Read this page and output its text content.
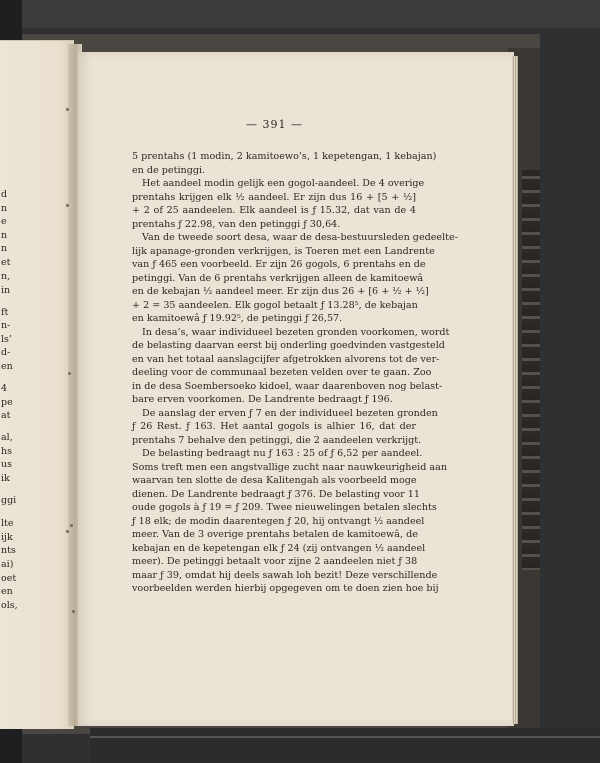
d
n
e
n
n
et
n,
in
ft
n-
ls’
d-
en
4
pe
at
al,
hs
us
ik
ggi
lte
ijk
nts
ai)
oet
en
ols,
— 391 —
5 prentahs (1 modin, 2 kamitoewo’s, 1 kepetengan, 1 kebajan)
en de petinggi.
Het aandeel modin gelijk een gogol-aandeel. De 4 overige
prentahs krijgen elk ½ aandeel. Er zijn dus 16 + [5 + ½]
+ 2 of 25 aandeelen. Elk aandeel is ƒ 15.32, dat van de 4
prentahs ƒ 22.98, van den petinggi ƒ 30,64.
Van de tweede soort desa, waar de desa-bestuursleden gedeelte-
lijk apanage-gronden verkrijgen, is Toeren met een Landrente
van ƒ 465 een voorbeeld. Er zijn 26 gogols, 6 prentahs en de
petinggi. Van de 6 prentahs verkrijgen alleen de kamitoewâ
en de kebajan ½ aandeel meer. Er zijn dus 26 + [6 + ½ + ½]
+ 2 = 35 aandeelen. Elk gogol betaalt ƒ 13.28⁵, de kebajan
en kamitoewâ ƒ 19.92⁵, de petinggi ƒ 26,57.
In desa’s, waar individueel bezeten gronden voorkomen, wordt
de belasting daarvan eerst bij onderling goedvinden vastgesteld
en van het totaal aanslagcijfer afgetrokken alvorens tot de ver-
deeling voor de communaal bezeten velden over te gaan. Zoo
in de desa Soembersoeko kidoel, waar daarenboven nog belast-
bare erven voorkomen. De Landrente bedraagt ƒ 196.
De aanslag der erven ƒ 7 en der individueel bezeten gronden
ƒ 26 Rest. ƒ 163. Het aantal gogols is alhier 16, dat der
prentahs 7 behalve den petinggi, die 2 aandeelen verkrijgt.
De belasting bedraagt nu ƒ 163 : 25 of ƒ 6,52 per aandeel.
Soms treft men een angstvallige zucht naar nauwkeurigheid aan
waarvan ten slotte de desa Kalitengah als voorbeeld moge
dienen. De Landrente bedraagt ƒ 376. De belasting voor 11
oude gogols à ƒ 19 = ƒ 209. Twee nieuwelingen betalen slechts
ƒ 18 elk; de modin daarentegen ƒ 20, hij ontvangt ½ aandeel
meer. Van de 3 overige prentahs betalen de kamitoewâ, de
kebajan en de kepetengan elk ƒ 24 (zij ontvangen ½ aandeel
meer). De petinggi betaalt voor zijne 2 aandeelen niet ƒ 38
maar ƒ 39, omdat hij deels sawah loh bezit! Deze verschillende
voorbeelden werden hierbij opgegeven om te doen zien hoe bij
